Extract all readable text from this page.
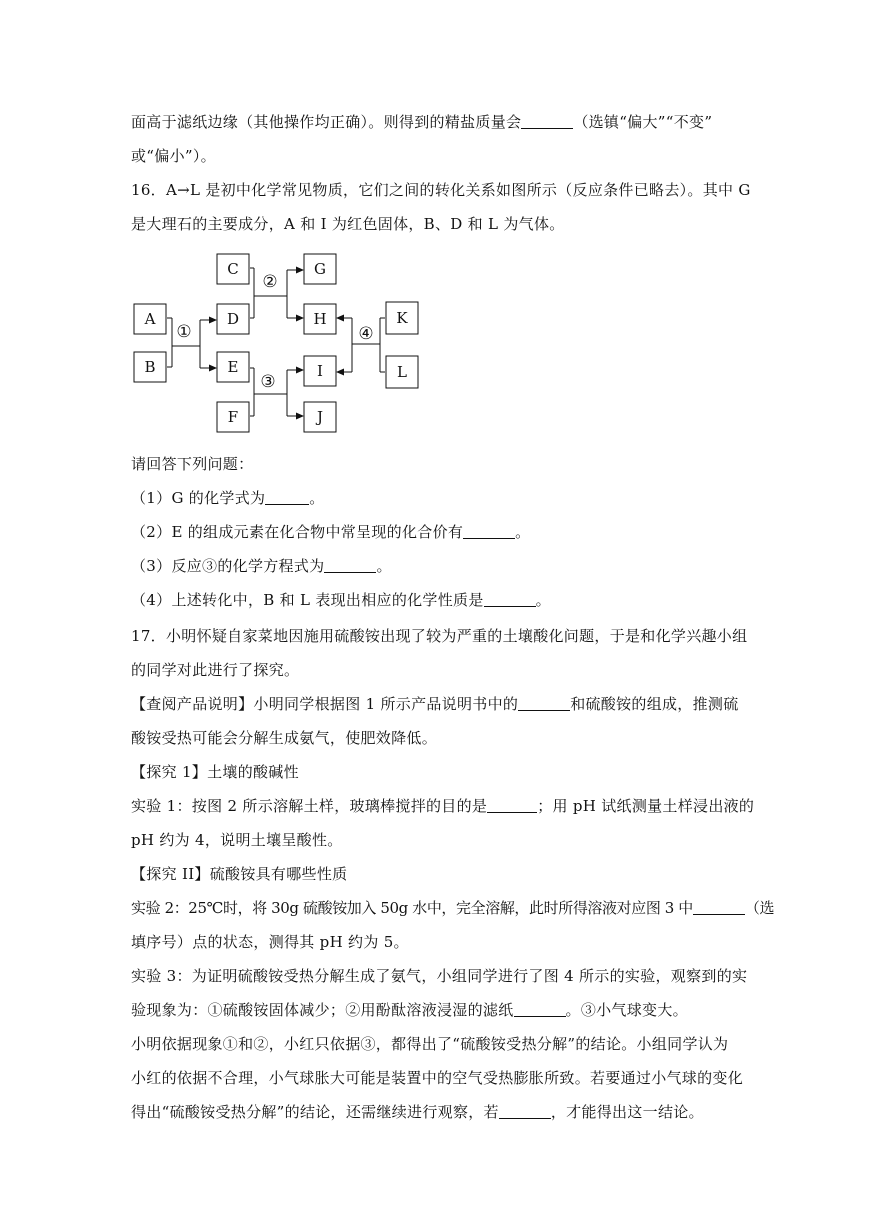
面高于滤纸边缘（其他操作均正确）。则得到的精盐质量会	（选镇“偏大”“不变”
或“偏小”）。
16．A→L 是初中化学常见物质，它们之间的转化关系如图所示（反应条件已略去）。其中 G
是大理石的主要成分，A 和 I 为红色固体，B、D 和 L 为气体。
A
B
C
D
E
F
G
H
I
J
K
L
①
②
③
④
请回答下列问题：
（1）G 的化学式为	。
（2）E 的组成元素在化合物中常呈现的化合价有	。
（3）反应③的化学方程式为	。
（4）上述转化中，B 和 L 表现出相应的化学性质是	。
17．小明怀疑自家菜地因施用硫酸铵出现了较为严重的土壤酸化问题，于是和化学兴趣小组
的同学对此进行了探究。
【查阅产品说明】小明同学根据图 1 所示产品说明书中的	和硫酸铵的组成，推测硫
酸铵受热可能会分解生成氨气，使肥效降低。
【探究 1】土壤的酸碱性
实验 1：按图 2 所示溶解土样，玻璃棒搅拌的目的是	；用 pH 试纸测量土样浸出液的
pH 约为 4，说明土壤呈酸性。
【探究 II】硫酸铵具有哪些性质
实验 2：25℃时，将 30g 硫酸铵加入 50g 水中，完全溶解，此时所得溶液对应图 3 中	（选
填序号）点的状态，测得其 pH 约为 5。
实验 3：为证明硫酸铵受热分解生成了氨气，小组同学进行了图 4 所示的实验，观察到的实
验现象为：①硫酸铵固体减少；②用酚酞溶液浸湿的滤纸	。③小气球变大。
小明依据现象①和②，小红只依据③，都得出了“硫酸铵受热分解”的结论。小组同学认为
小红的依据不合理，小气球胀大可能是装置中的空气受热膨胀所致。若要通过小气球的变化
得出“硫酸铵受热分解”的结论，还需继续进行观察，若	，才能得出这一结论。
